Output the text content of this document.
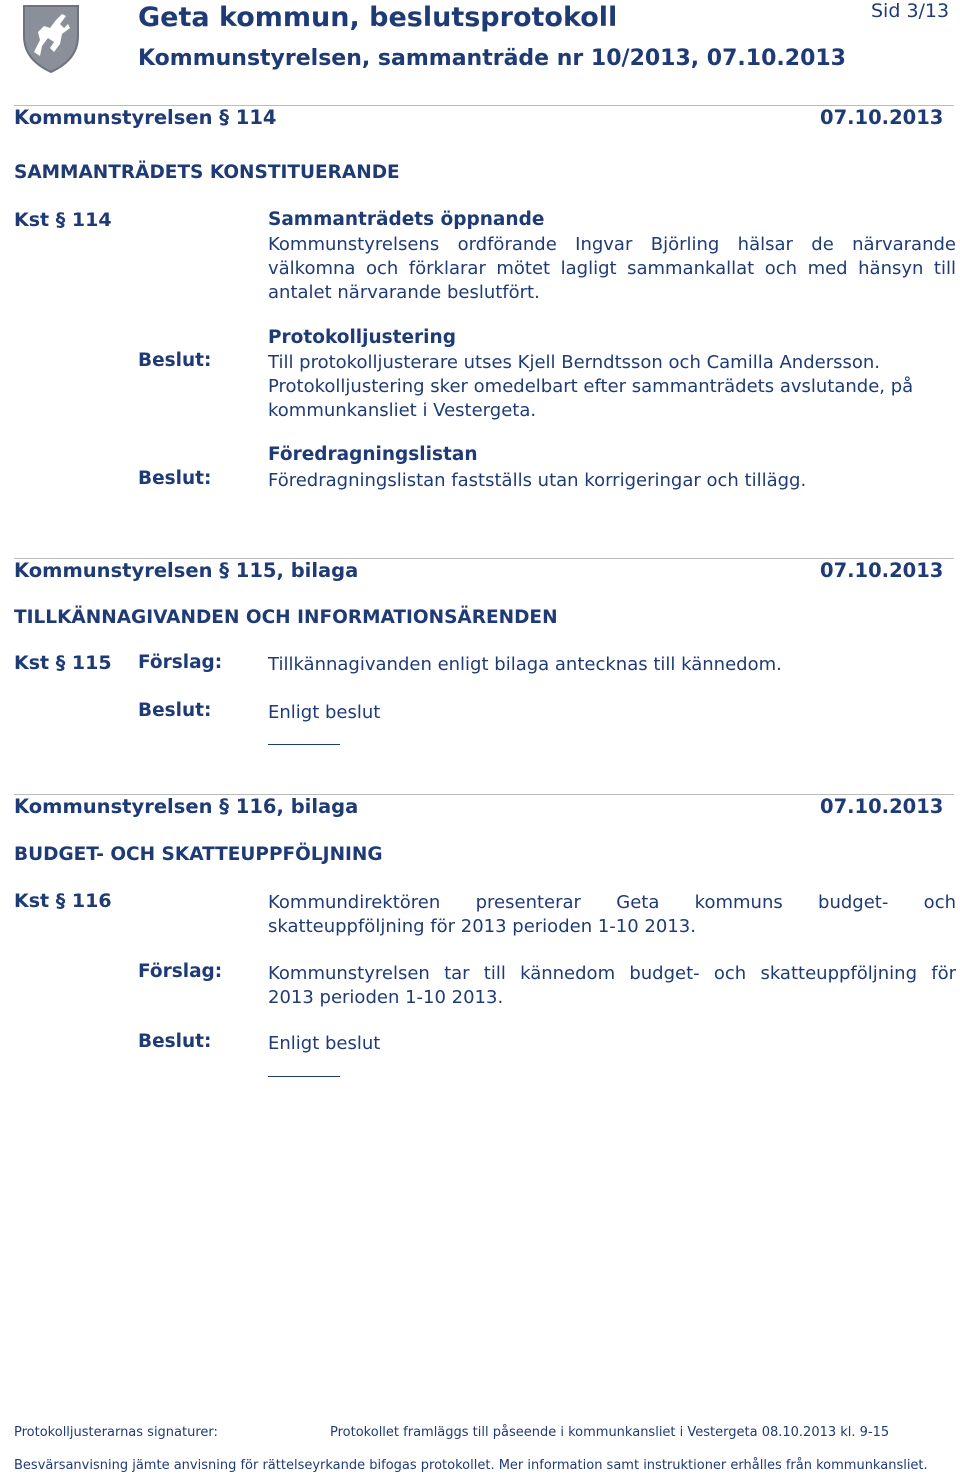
Geta kommun, beslutsprotokoll	Sid 3/13
Kommunstyrelsen, sammanträde nr 10/2013, 07.10.2013
Kommunstyrelsen § 114	07.10.2013
SAMMANTRÄDETS KONSTITUERANDE
Kst § 114	Sammanträdets öppnande
Kommunstyrelsens ordförande Ingvar Björling hälsar de närvarande
välkomna och förklarar mötet lagligt sammankallat och med hänsyn till
antalet närvarande beslutfört.
Protokolljustering
Beslut:	Till protokolljusterare utses Kjell Berndtsson och Camilla Andersson.
Protokolljustering sker omedelbart efter sammanträdets avslutande, på
kommunkansliet i Vestergeta.
Föredragningslistan
Beslut:	Föredragningslistan fastställs utan korrigeringar och tillägg.
Kommunstyrelsen § 115, bilaga	07.10.2013
TILLKÄNNAGIVANDEN OCH INFORMATIONSÄRENDEN
Kst § 115 Förslag:	Tillkännagivanden enligt bilaga antecknas till kännedom.
Beslut:	Enligt beslut
Kommunstyrelsen § 116, bilaga	07.10.2013
BUDGET- OCH SKATTEUPPFÖLJNING
Kst § 116	Kommundirektören presenterar Geta kommuns budget- och
skatteuppföljning för 2013 perioden 1-10 2013.
Förslag:	Kommunstyrelsen tar till kännedom budget- och skatteuppföljning för
2013 perioden 1-10 2013.
Beslut:	Enligt beslut
Protokolljusterarnas signaturer:	Protokollet framläggs till påseende i kommunkansliet i Vestergeta 08.10.2013 kl. 9-15
Besvärsanvisning jämte anvisning för rättelseyrkande bifogas protokollet. Mer information samt instruktioner erhålles från kommunkansliet.
